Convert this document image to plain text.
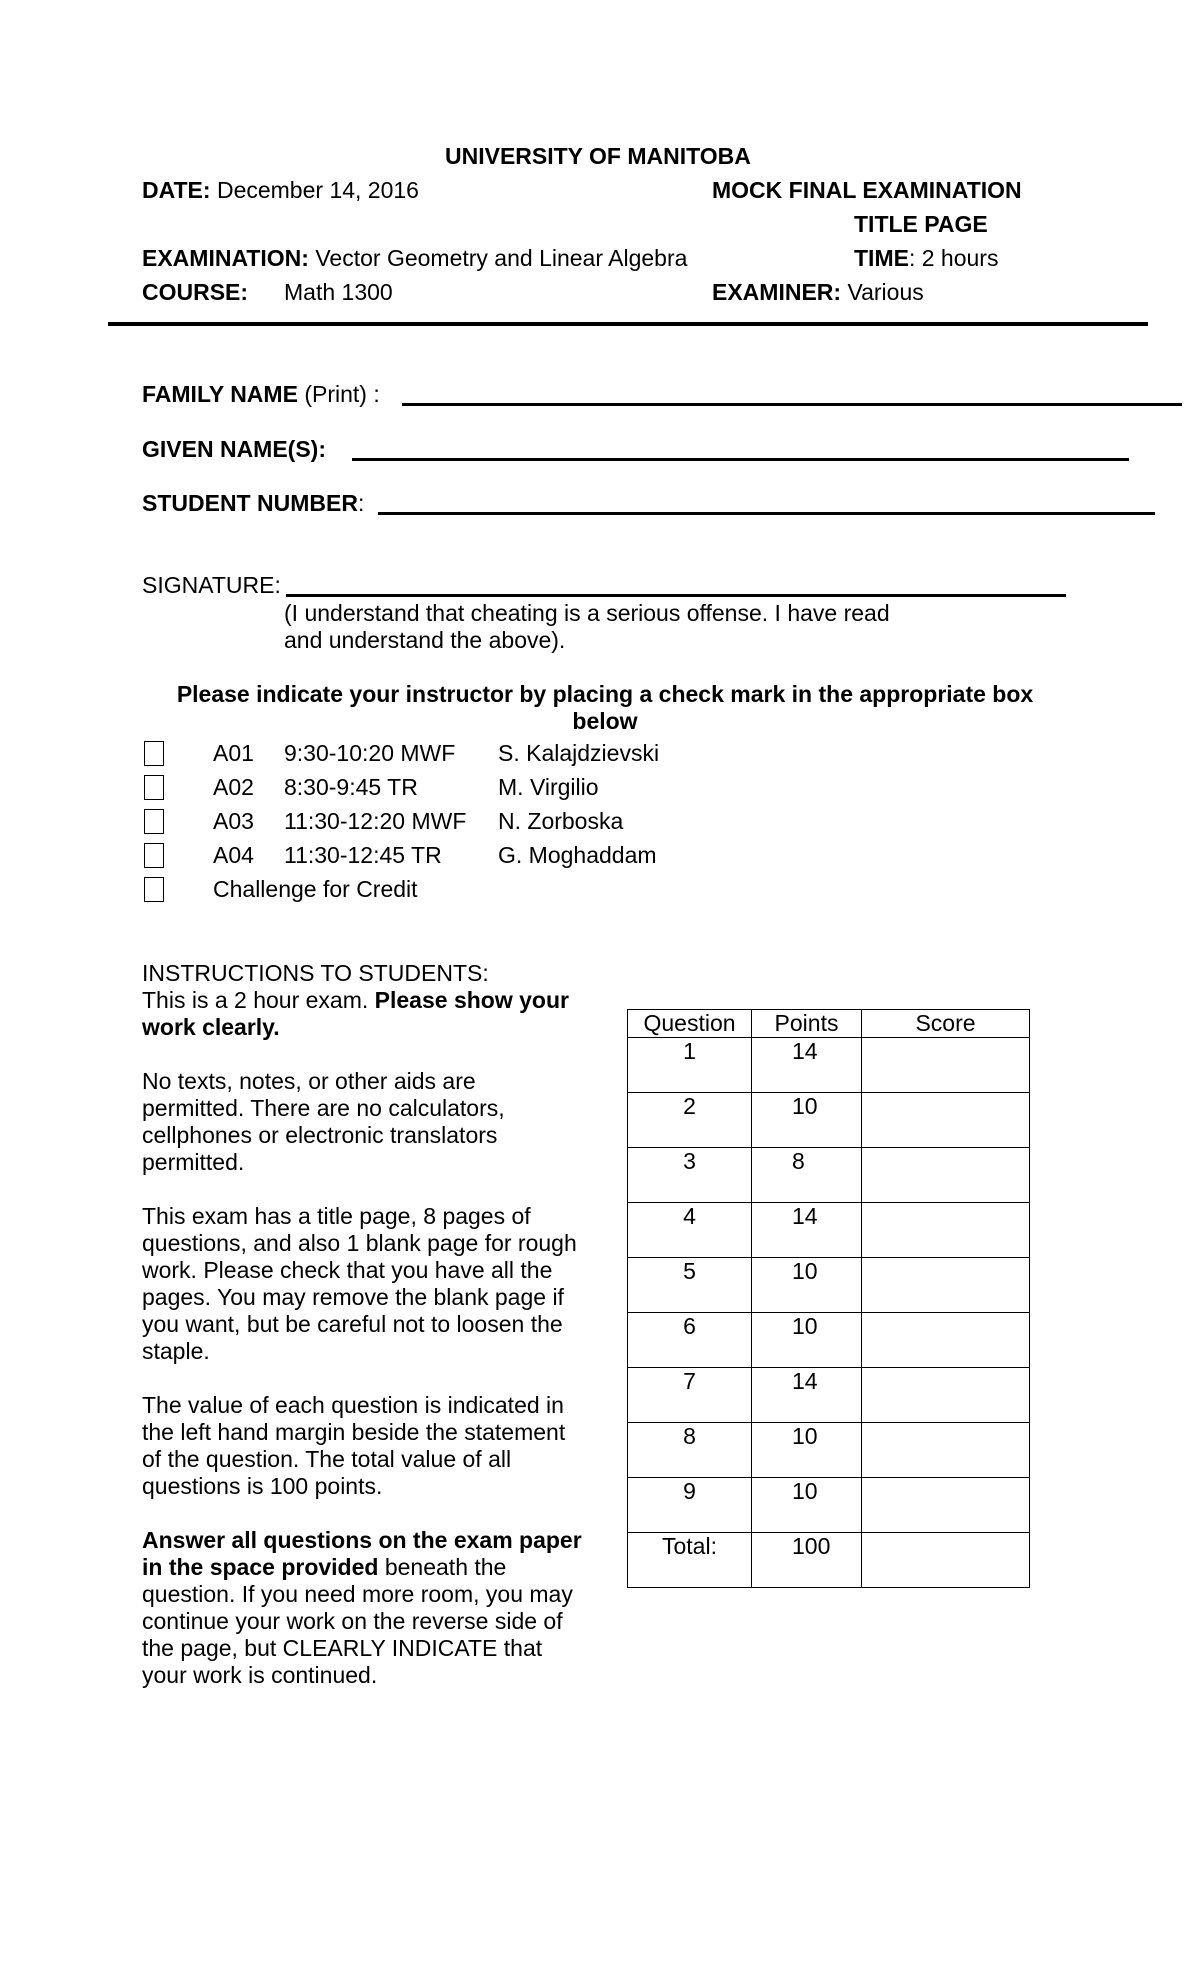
UNIVERSITY OF MANITOBA
DATE: December 14, 2016	MOCK FINAL EXAMINATION
TITLE PAGE
EXAMINATION: Vector Geometry and Linear Algebra	TIME: 2 hours
COURSE: Math 1300	EXAMINER: Various
FAMILY NAME (Print) :
GIVEN NAME(S):
STUDENT NUMBER:
SIGNATURE:
(I understand that cheating is a serious offense. I have read
and understand the above).
Please indicate your instructor by placing a check mark in the appropriate box
below
A01 9:30-10:20 MWF S. Kalajdzievski
A02 8:30-9:45 TR	M. Virgilio
A03 11:30-12:20 MWF N. Zorboska
A04 11:30-12:45 TR G. Moghaddam
Challenge for Credit
INSTRUCTIONS TO STUDENTS:
This is a 2 hour exam. Please show your work clearly.
No texts, notes, or other aids are permitted. There are no calculators, cellphones or electronic translators permitted.
This exam has a title page, 8 pages of questions, and also 1 blank page for rough work. Please check that you have all the pages. You may remove the blank page if you want, but be careful not to loosen the staple.
The value of each question is indicated in the left hand margin beside the statement of the question. The total value of all questions is 100 points.
Answer all questions on the exam paper in the space provided beneath the question. If you need more room, you may continue your work on the reverse side of the page, but CLEARLY INDICATE that your work is continued.
Question	Points	Score
1	14	
2	10	
3	8	
4	14	
5	10	
6	10	
7	14	
8	10	
9	10	
Total:	100	
